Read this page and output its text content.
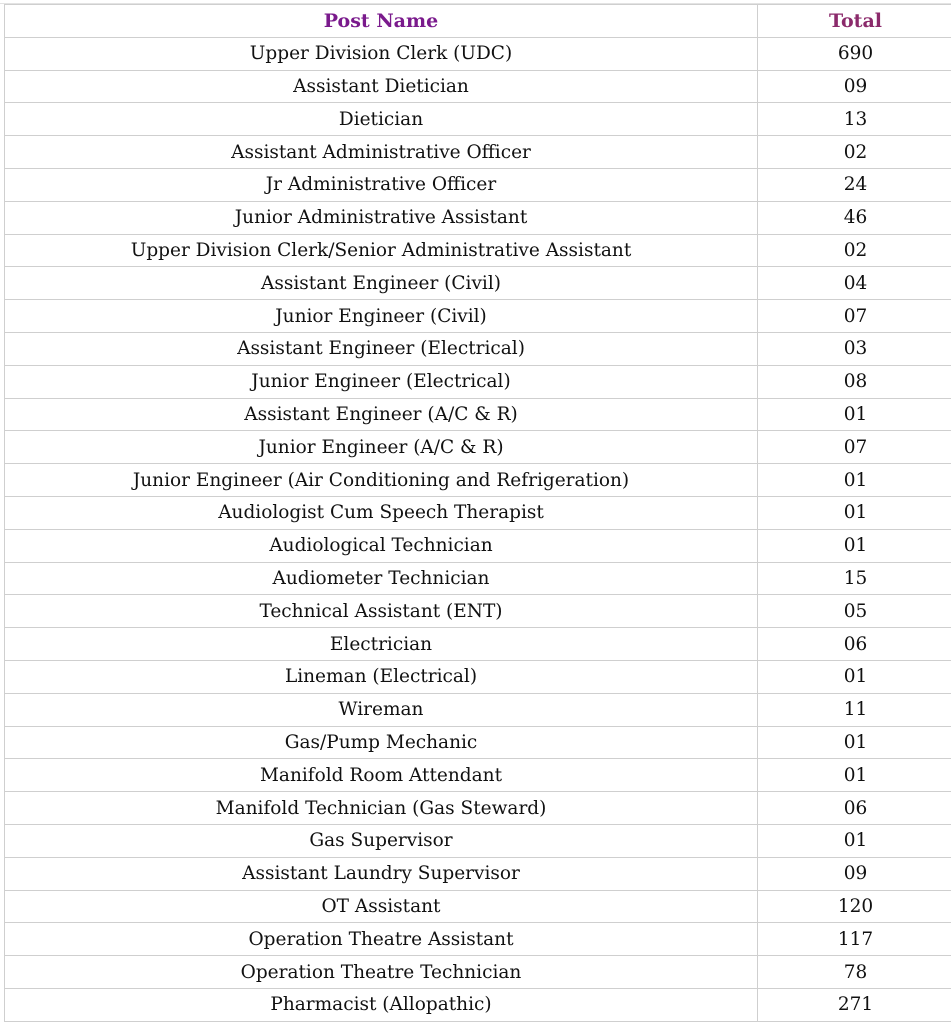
Post Name	Total
Upper Division Clerk (UDC)	690
Assistant Dietician	09
Dietician	13
Assistant Administrative Officer	02
Jr Administrative Officer	24
Junior Administrative Assistant	46
Upper Division Clerk/Senior Administrative Assistant	02
Assistant Engineer (Civil)	04
Junior Engineer (Civil)	07
Assistant Engineer (Electrical)	03
Junior Engineer (Electrical)	08
Assistant Engineer (A/C & R)	01
Junior Engineer (A/C & R)	07
Junior Engineer (Air Conditioning and Refrigeration)	01
Audiologist Cum Speech Therapist	01
Audiological Technician	01
Audiometer Technician	15
Technical Assistant (ENT)	05
Electrician	06
Lineman (Electrical)	01
Wireman	11
Gas/Pump Mechanic	01
Manifold Room Attendant	01
Manifold Technician (Gas Steward)	06
Gas Supervisor	01
Assistant Laundry Supervisor	09
OT Assistant	120
Operation Theatre Assistant	117
Operation Theatre Technician	78
Pharmacist (Allopathic)	271
